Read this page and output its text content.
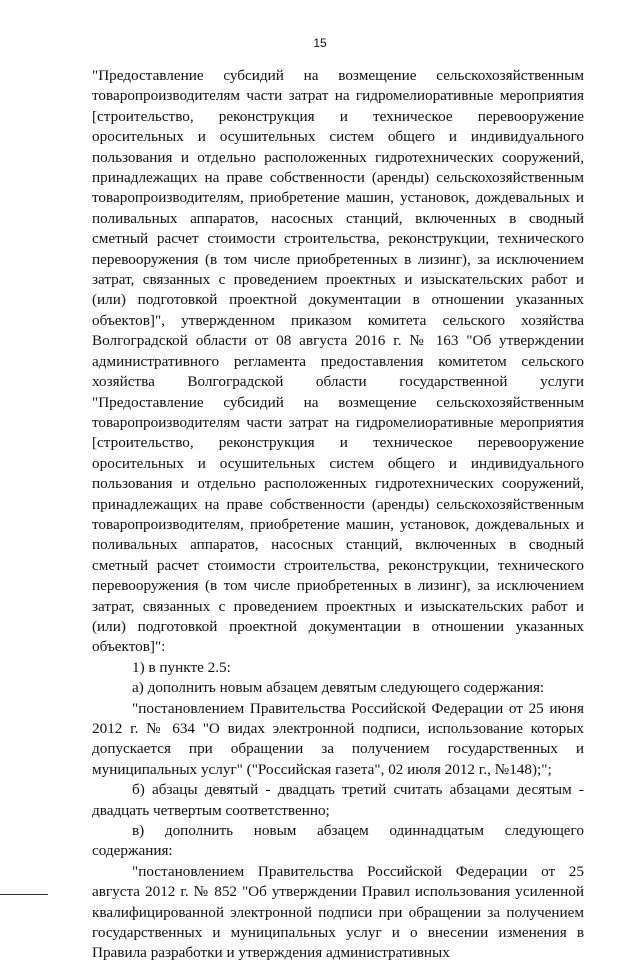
15

"Предоставление субсидий на возмещение сельскохозяйственным товаропроизводителям части затрат на гидромелиоративные мероприятия [строительство, реконструкция и техническое перевооружение оросительных и осушительных систем общего и индивидуального пользования и отдельно расположенных гидротехнических сооружений, принадлежащих на праве собственности (аренды) сельскохозяйственным товаропроизводителям, приобретение машин, установок, дождевальных и поливальных аппаратов, насосных станций, включенных в сводный сметный расчет стоимости строительства, реконструкции, технического перевооружения (в том числе приобретенных в лизинг), за исключением затрат, связанных с проведением проектных и изыскательских работ и (или) подготовкой проектной документации в отношении указанных объектов]", утвержденном приказом комитета сельского хозяйства Волгоградской области от 08 августа 2016 г. № 163 "Об утверждении административного регламента предоставления комитетом сельского хозяйства Волгоградской области государственной услуги "Предоставление субсидий на возмещение сельскохозяйственным товаропроизводителям части затрат на гидромелиоративные мероприятия [строительство, реконструкция и техническое перевооружение оросительных и осушительных систем общего и индивидуального пользования и отдельно расположенных гидротехнических сооружений, принадлежащих на праве собственности (аренды) сельскохозяйственным товаропроизводителям, приобретение машин, установок, дождевальных и поливальных аппаратов, насосных станций, включенных в сводный сметный расчет стоимости строительства, реконструкции, технического перевооружения (в том числе приобретенных в лизинг), за исключением затрат, связанных с проведением проектных и изыскательских работ и (или) подготовкой проектной документации в отношении указанных объектов]":

1) в пункте 2.5:

а) дополнить новым абзацем девятым следующего содержания:

"постановлением Правительства Российской Федерации от 25 июня 2012 г. № 634 "О видах электронной подписи, использование которых допускается при обращении за получением государственных и муниципальных услуг" ("Российская газета", 02 июля 2012 г., №148);";

б) абзацы девятый - двадцать третий считать абзацами десятым - двадцать четвертым соответственно;

в) дополнить новым абзацем одиннадцатым следующего содержания:

"постановлением Правительства Российской Федерации от 25 августа 2012 г. № 852 "Об утверждении Правил использования усиленной квалифицированной электронной подписи при обращении за получением государственных и муниципальных услуг и о внесении изменения в Правила разработки и утверждения административных
